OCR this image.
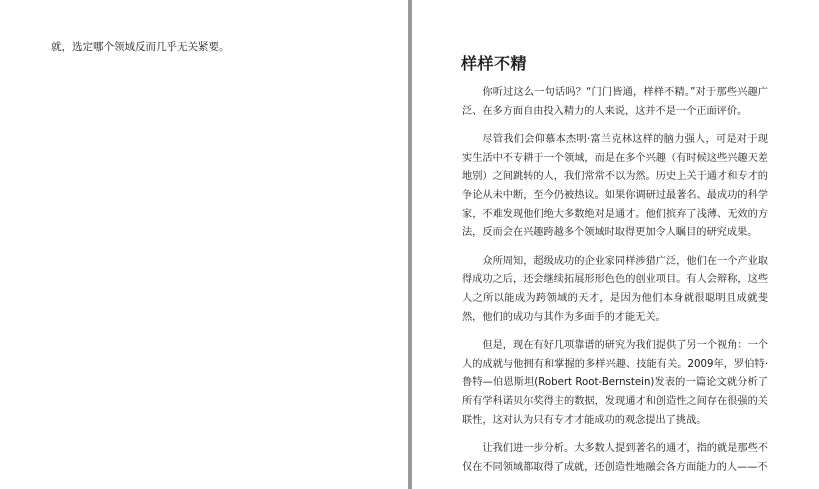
就，选定哪个领域反而几乎无关紧要。

样样不精

你听过这么一句话吗？“门门皆通，样样不精。”对于那些兴趣广泛、在多方面自由投入精力的人来说，这并不是一个正面评价。

尽管我们会仰慕本杰明·富兰克林这样的脑力强人，可是对于现实生活中不专耕于一个领域，而是在多个兴趣（有时候这些兴趣天差地别）之间跳转的人，我们常常不以为然。历史上关于通才和专才的争论从未中断，至今仍被热议。如果你调研过最著名、最成功的科学家，不难发现他们绝大多数绝对是通才。他们摈弃了浅薄、无效的方法，反而会在兴趣跨越多个领域时取得更加令人瞩目的研究成果。

众所周知，超级成功的企业家同样涉猎广泛，他们在一个产业取得成功之后，还会继续拓展形形色色的创业项目。有人会辩称，这些人之所以能成为跨领域的天才，是因为他们本身就很聪明且成就斐然，他们的成功与其作为多面手的才能无关。

但是，现在有好几项靠谱的研究为我们提供了另一个视角：一个人的成就与他拥有和掌握的多样兴趣、技能有关。2009年，罗伯特·鲁特—伯恩斯坦(Robert Root-Bernstein)发表的一篇论文就分析了所有学科诺贝尔奖得主的数据，发现通才和创造性之间存在很强的关联性，这对认为只有专才才能成功的观念提出了挑战。

让我们进一步分析。大多数人提到著名的通才，指的就是那些不仅在不同领域都取得了成就，还创造性地融会各方面能力的人——不
